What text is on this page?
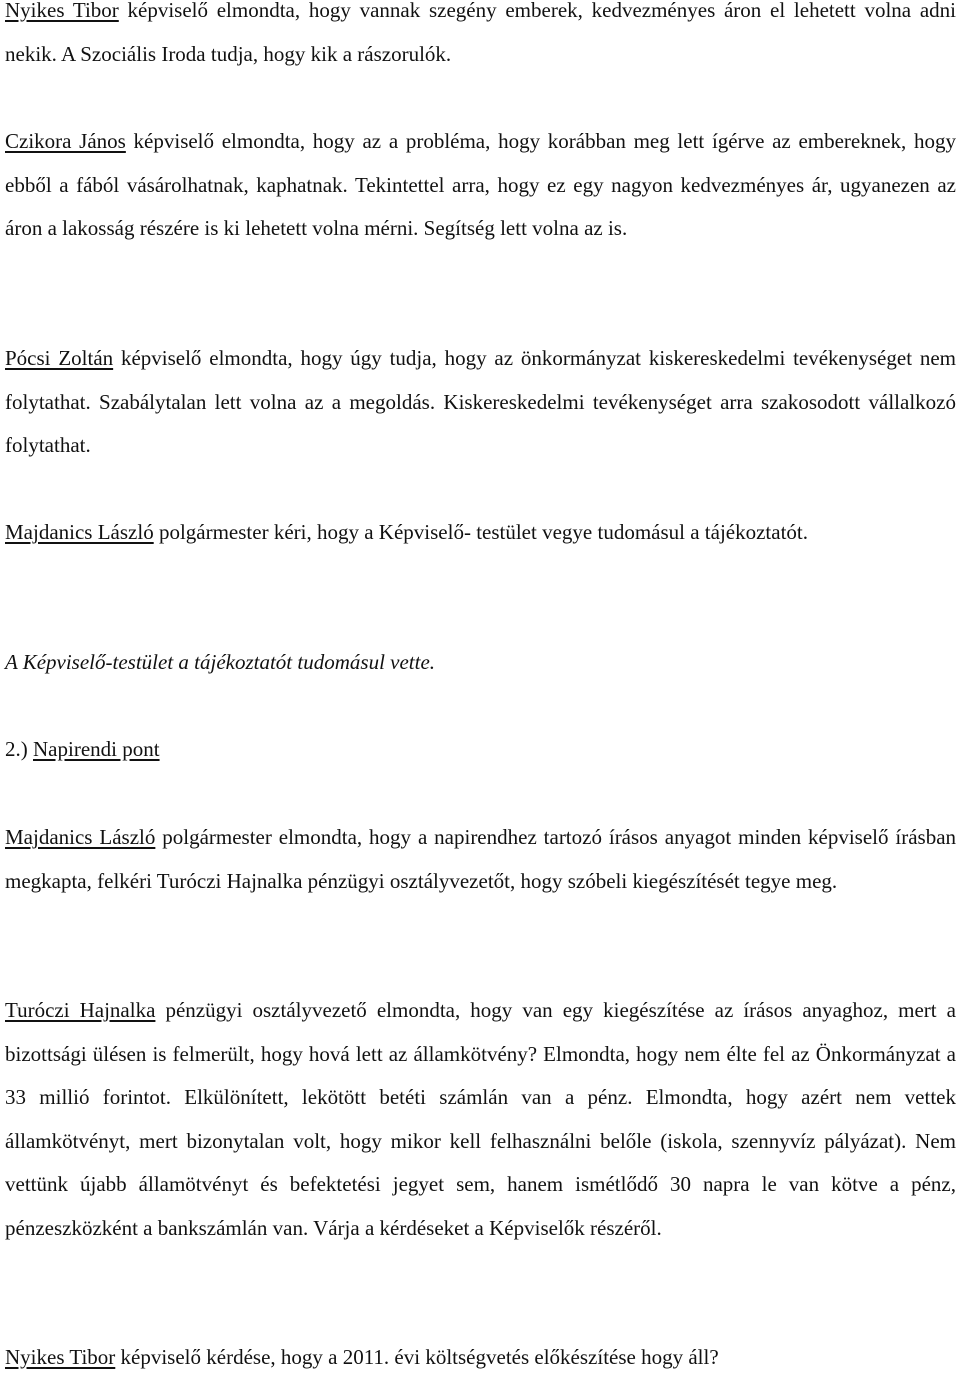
Nyikes Tibor képviselő elmondta, hogy vannak szegény emberek, kedvezményes áron el lehetett volna adni nekik. A Szociális Iroda tudja, hogy kik a rászorulók.

Czikora János képviselő elmondta, hogy az a probléma, hogy korábban meg lett ígérve az embereknek, hogy ebből a fából vásárolhatnak, kaphatnak. Tekintettel arra, hogy ez egy nagyon kedvezményes ár, ugyanezen az áron a lakosság részére is ki lehetett volna mérni. Segítség lett volna az is.

Pócsi Zoltán képviselő elmondta, hogy úgy tudja, hogy az önkormányzat kiskereskedelmi tevékenységet nem folytathat. Szabálytalan lett volna az a megoldás. Kiskereskedelmi tevékenységet arra szakosodott vállalkozó folytathat.

Majdanics László polgármester kéri, hogy a Képviselő- testület vegye tudomásul a tájékoztatót.

A Képviselő-testület a tájékoztatót tudomásul vette.

2.) Napirendi pont

Majdanics László polgármester elmondta, hogy a napirendhez tartozó írásos anyagot minden képviselő írásban megkapta, felkéri Turóczi Hajnalka pénzügyi osztályvezetőt, hogy szóbeli kiegészítését tegye meg.

Turóczi Hajnalka pénzügyi osztályvezető elmondta, hogy van egy kiegészítése az írásos anyaghoz, mert a bizottsági ülésen is felmerült, hogy hová lett az államkötvény? Elmondta, hogy nem élte fel az Önkormányzat a 33 millió forintot. Elkülönített, lekötött betéti számlán van a pénz. Elmondta, hogy azért nem vettek államkötvényt, mert bizonytalan volt, hogy mikor kell felhasználni belőle (iskola, szennyvíz pályázat). Nem vettünk újabb államötvényt és befektetési jegyet sem, hanem ismétlődő 30 napra le van kötve a pénz, pénzeszközként a bankszámlán van. Várja a kérdéseket a Képviselők részéről.

Nyikes Tibor képviselő kérdése, hogy a 2011. évi költségvetés előkészítése hogy áll?
